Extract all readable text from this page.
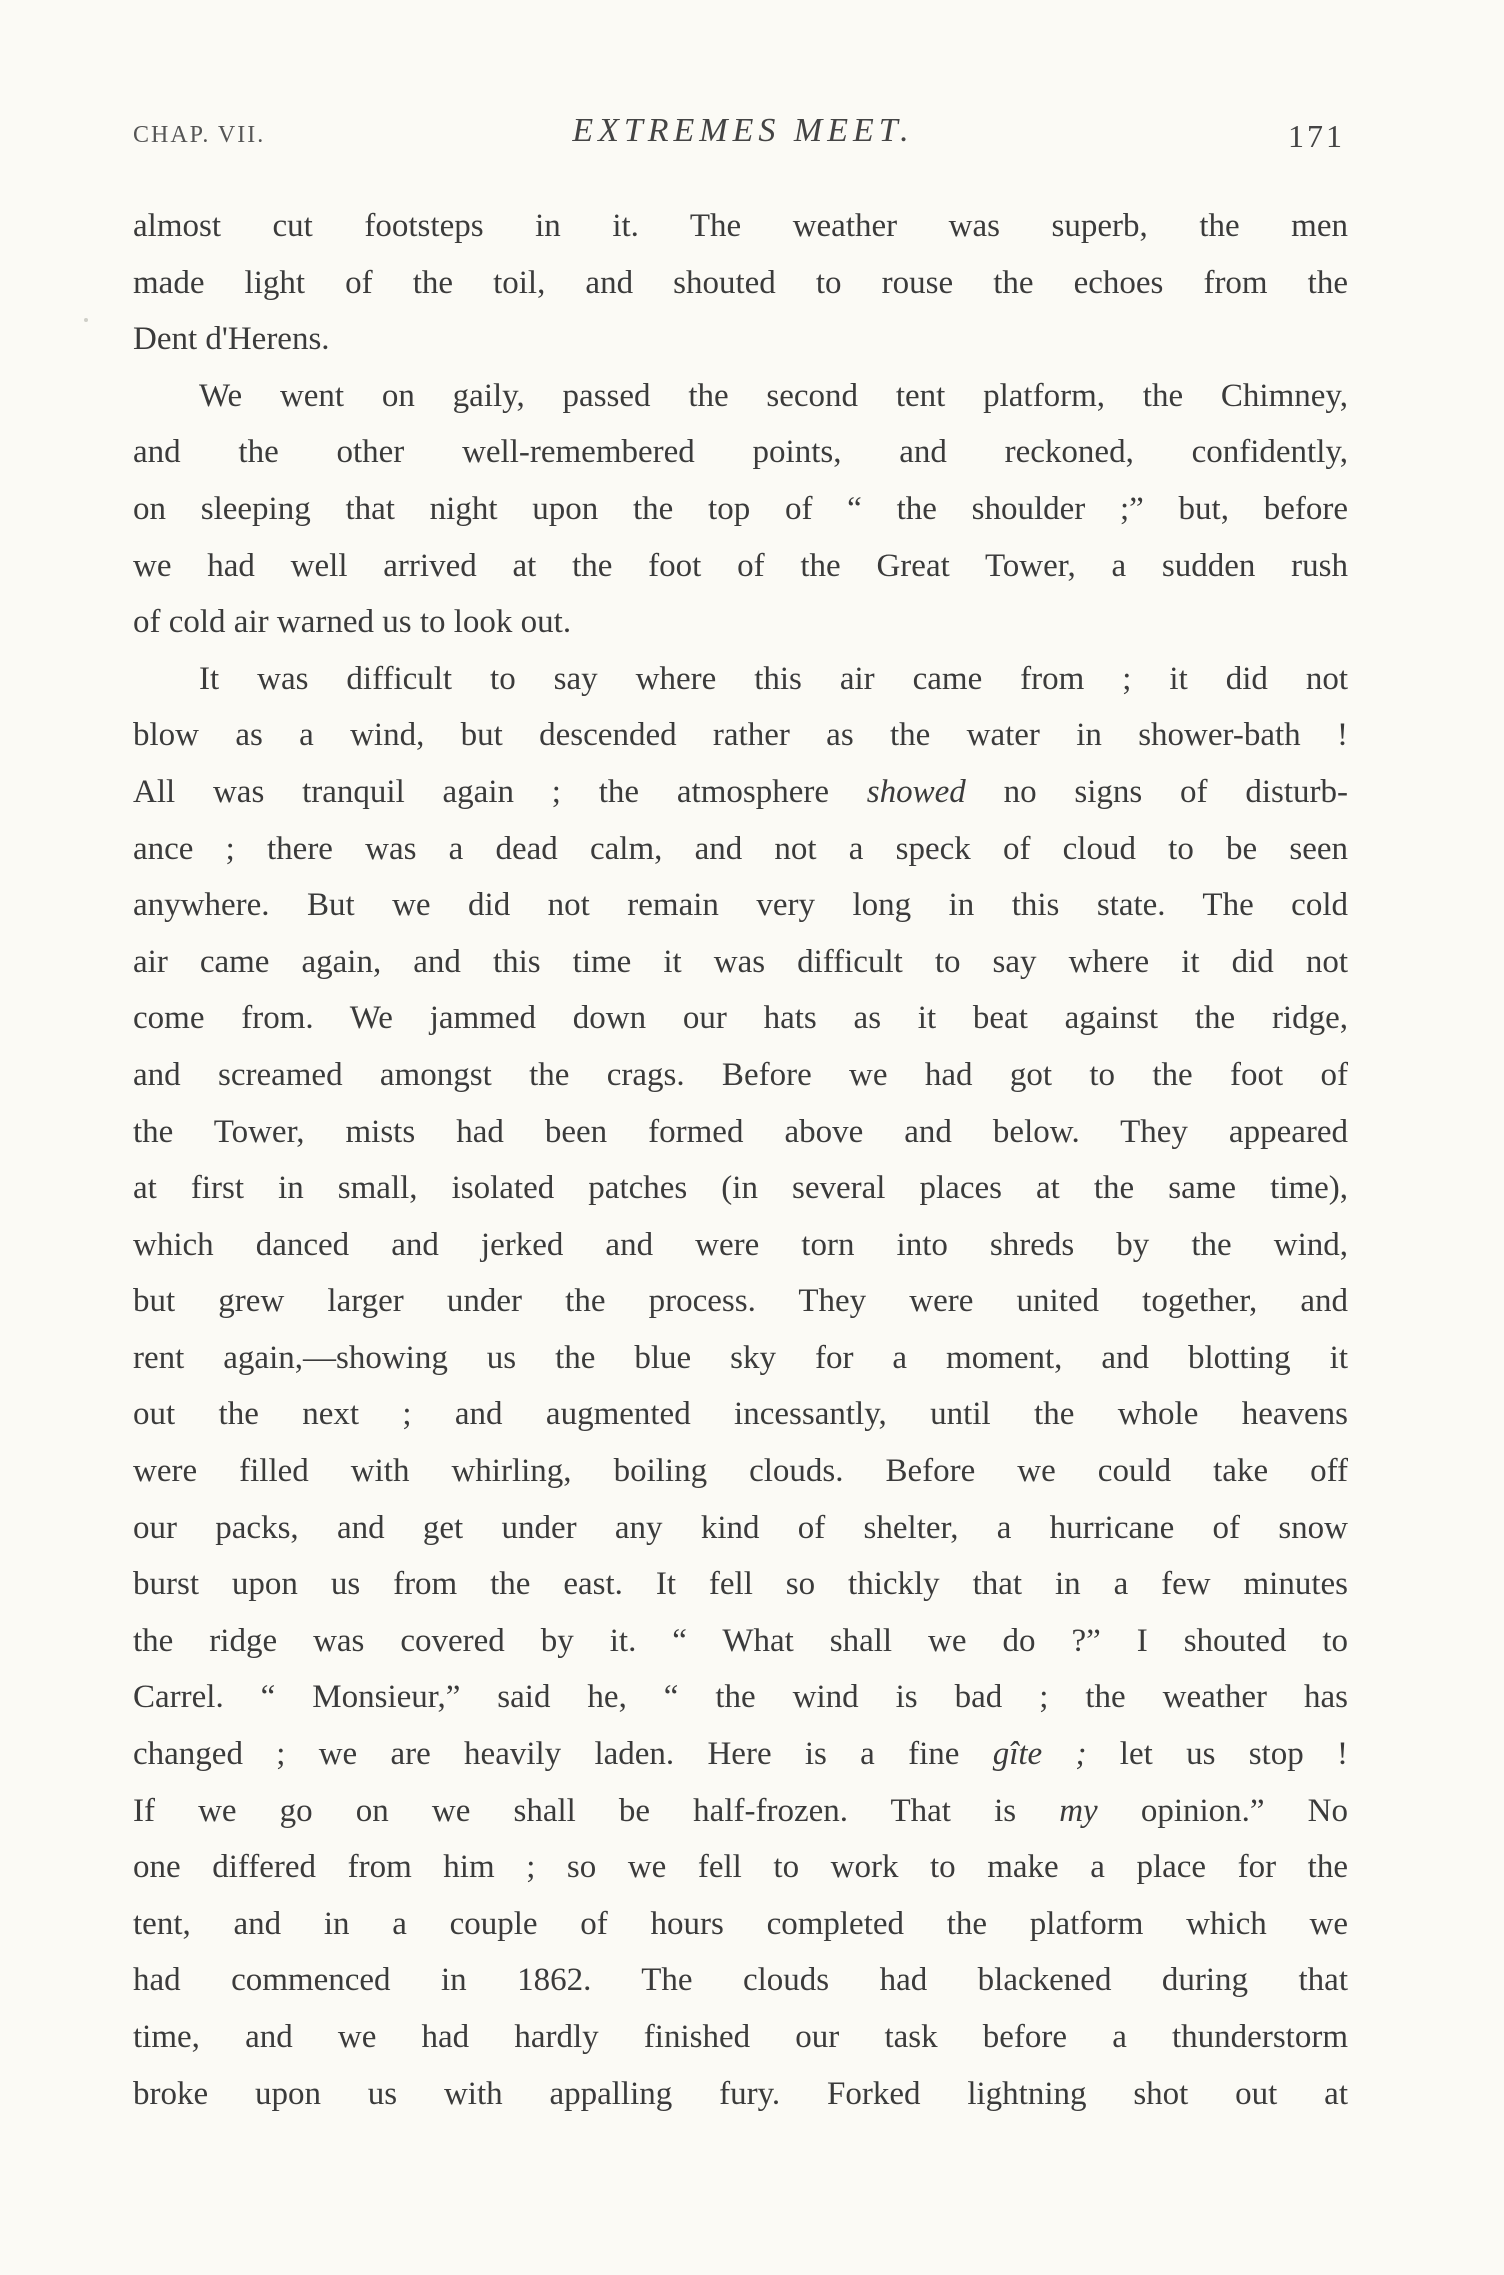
CHAP. VII.	EXTREMES MEET.	171
almost cut footsteps in it. The weather was superb, the men
made light of the toil, and shouted to rouse the echoes from the
Dent d'Herens.
We went on gaily, passed the second tent platform, the Chimney,
and the other well-remembered points, and reckoned, confidently,
on sleeping that night upon the top of “ the shoulder ;” but, before
we had well arrived at the foot of the Great Tower, a sudden rush
of cold air warned us to look out.
It was difficult to say where this air came from ; it did not
blow as a wind, but descended rather as the water in shower-bath !
All was tranquil again ; the atmosphere showed no signs of disturb-
ance ; there was a dead calm, and not a speck of cloud to be seen
anywhere. But we did not remain very long in this state. The cold
air came again, and this time it was difficult to say where it did not
come from. We jammed down our hats as it beat against the ridge,
and screamed amongst the crags. Before we had got to the foot of
the Tower, mists had been formed above and below. They appeared
at first in small, isolated patches (in several places at the same time),
which danced and jerked and were torn into shreds by the wind,
but grew larger under the process. They were united together, and
rent again,—showing us the blue sky for a moment, and blotting it
out the next ; and augmented incessantly, until the whole heavens
were filled with whirling, boiling clouds. Before we could take off
our packs, and get under any kind of shelter, a hurricane of snow
burst upon us from the east. It fell so thickly that in a few minutes
the ridge was covered by it. “ What shall we do ?” I shouted to
Carrel. “ Monsieur,” said he, “ the wind is bad ; the weather has
changed ; we are heavily laden. Here is a fine gîte ; let us stop !
If we go on we shall be half-frozen. That is my opinion.” No
one differed from him ; so we fell to work to make a place for the
tent, and in a couple of hours completed the platform which we
had commenced in 1862. The clouds had blackened during that
time, and we had hardly finished our task before a thunderstorm
broke upon us with appalling fury. Forked lightning shot out at
